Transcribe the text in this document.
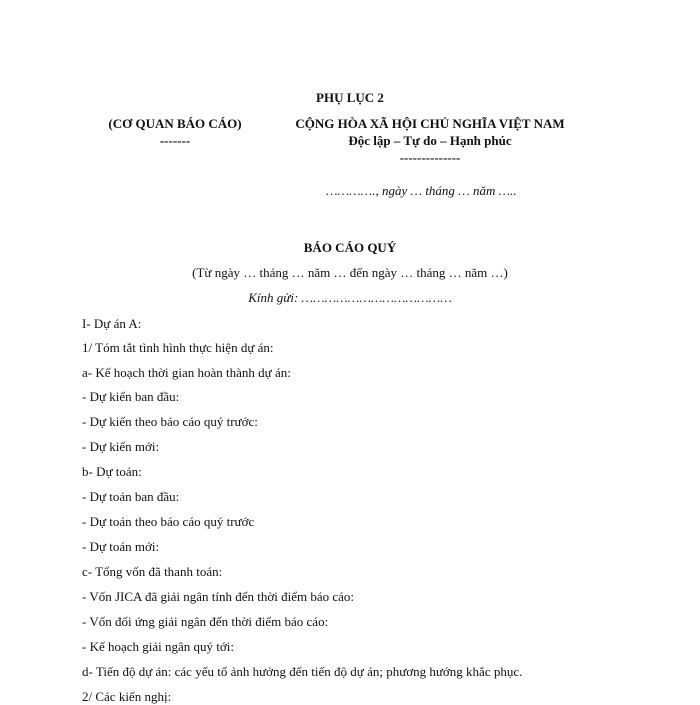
PHỤ LỤC 2
(CƠ QUAN BÁO CÁO)
-------
CỘNG HÒA XÃ HỘI CHỦ NGHĨA VIỆT NAM
Độc lập – Tự do – Hạnh phúc
--------------
…………., ngày … tháng … năm …..
BÁO CÁO QUÝ
(Từ ngày … tháng … năm … đến ngày … tháng … năm …)
Kính gửi: …………………………………
I- Dự án A:
1/ Tóm tắt tình hình thực hiện dự án:
a- Kế hoạch thời gian hoàn thành dự án:
- Dự kiến ban đầu:
- Dự kiến theo báo cáo quý trước:
- Dự kiến mới:
b- Dự toán:
- Dự toán ban đầu:
- Dự toán theo báo cáo quý trước
- Dự toán mới:
c- Tổng vốn đã thanh toán:
- Vốn JICA đã giải ngân tính đến thời điểm báo cáo:
- Vốn đối ứng giải ngân đến thời điểm báo cáo:
- Kế hoạch giải ngân quý tới:
d- Tiến độ dự án: các yếu tố ảnh hưởng đến tiến độ dự án; phương hướng khắc phục.
2/ Các kiến nghị:
